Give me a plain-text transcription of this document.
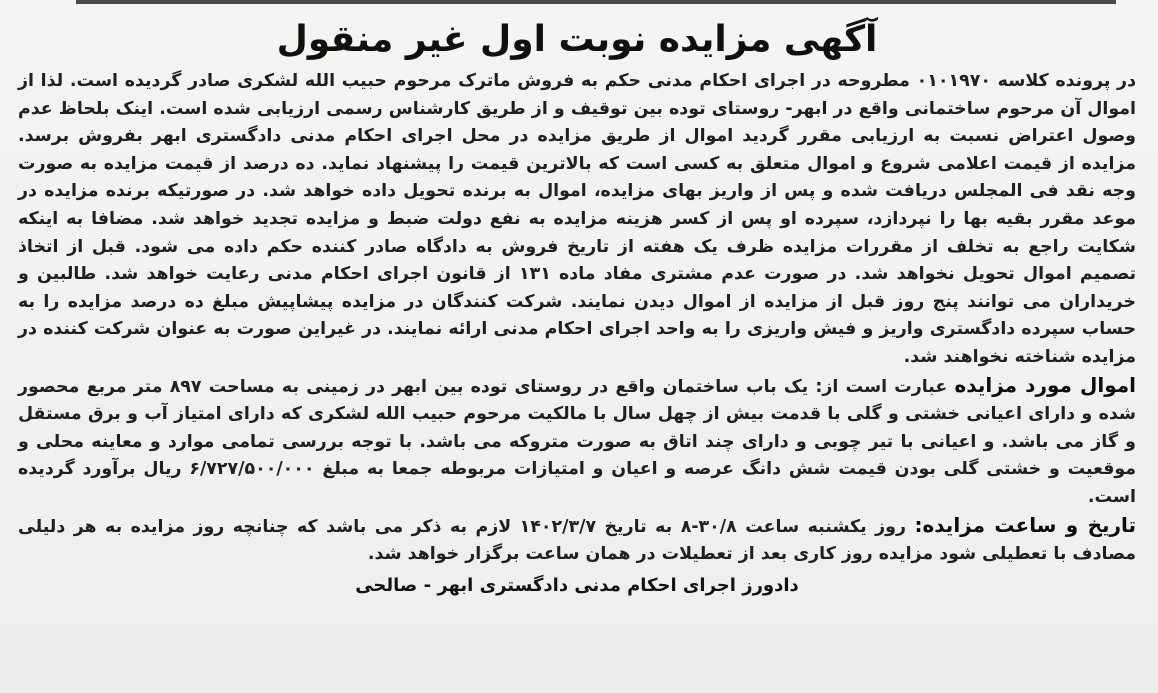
آگهی مزایده نوبت اول غیر منقول

در پرونده کلاسه ۰۱۰۱۹۷۰ مطروحه در اجرای احکام مدنی حکم به فروش ماترک مرحوم حبیب الله لشکری صادر گردیده است. لذا از اموال آن مرحوم ساختمانی واقع در ابهر- روستای توده بین توقیف و از طریق کارشناس رسمی ارزیابی شده است. اینک بلحاظ عدم وصول اعتراض نسبت به ارزیابی مقرر گردید اموال از طریق مزایده در محل اجرای احکام مدنی دادگستری ابهر بفروش برسد. مزایده از قیمت اعلامی شروع و اموال متعلق به کسی است که بالاترین قیمت را پیشنهاد نماید. ده درصد از قیمت مزایده به صورت وجه نقد فی المجلس دریافت شده و پس از واریز بهای مزایده، اموال به برنده تحویل داده خواهد شد. در صورتیکه برنده مزایده در موعد مقرر بقیه بها را نپردازد، سپرده او پس از کسر هزینه مزایده به نفع دولت ضبط و مزایده تجدید خواهد شد. مضافا به اینکه شکایت راجع به تخلف از مقررات مزایده ظرف یک هفته از تاریخ فروش به دادگاه صادر کننده حکم داده می شود. قبل از اتخاذ تصمیم اموال تحویل نخواهد شد. در صورت عدم مشتری مفاد ماده ۱۳۱ از قانون اجرای احکام مدنی رعایت خواهد شد. طالبین و خریداران می توانند پنج روز قبل از مزایده از اموال دیدن نمایند. شرکت کنندگان در مزایده پیشاپیش مبلغ ده درصد مزایده را به حساب سپرده دادگستری واریز و فیش واریزی را به واحد اجرای احکام مدنی ارائه نمایند. در غیراین صورت به عنوان شرکت کننده در مزایده شناخته نخواهند شد.

اموال مورد مزایده عبارت است از: یک باب ساختمان واقع در روستای توده بین ابهر در زمینی به مساحت ۸۹۷ متر مربع محصور شده و دارای اعیانی خشتی و گلی با قدمت بیش از چهل سال با مالکیت مرحوم حبیب الله لشکری که دارای امتیاز آب و برق مستقل و گاز می باشد. و اعیانی با تیر چوبی و دارای چند اتاق به صورت متروکه می باشد. با توجه بررسی تمامی موارد و معاینه محلی و موقعیت و خشتی گلی بودن قیمت شش دانگ عرصه و اعیان و امتیازات مربوطه جمعا به مبلغ ۶/۷۲۷/۵۰۰/۰۰۰ ریال برآورد گردیده است.

تاریخ و ساعت مزایده: روز یکشنبه ساعت ۳۰/۸-۸ به تاریخ ۱۴۰۲/۳/۷ لازم به ذکر می باشد که چنانچه روز مزایده به هر دلیلی مصادف با تعطیلی شود مزایده روز کاری بعد از تعطیلات در همان ساعت برگزار خواهد شد.

دادورز اجرای احکام مدنی دادگستری ابهر - صالحی
